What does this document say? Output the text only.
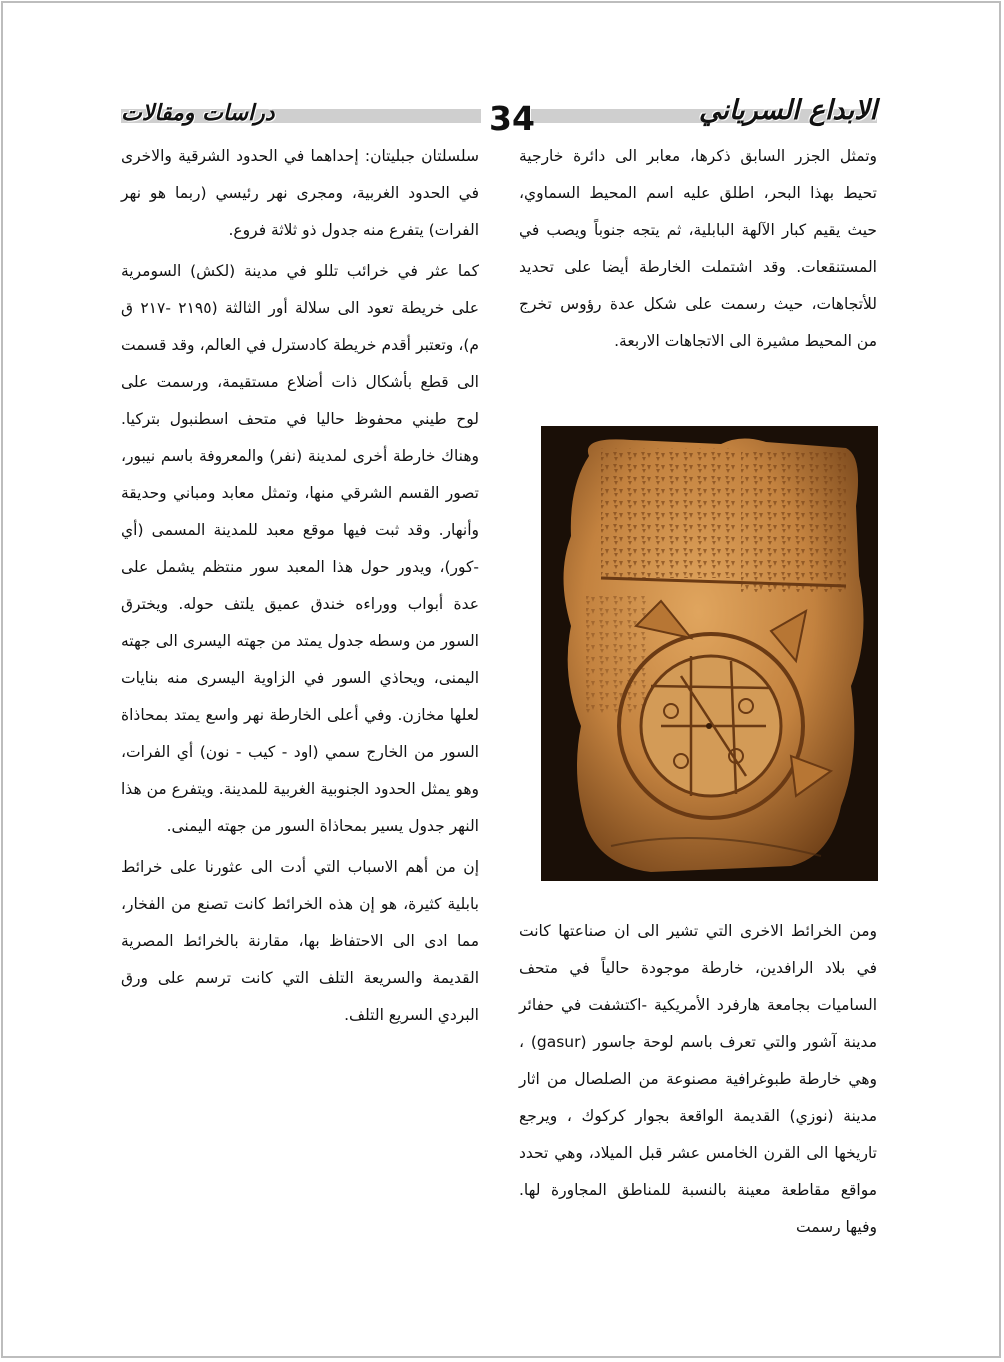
الابداع السرياني
34
دراسات ومقالات

وتمثل الجزر السابق ذكرها، معابر الى دائرة خارجية تحيط بهذا البحر، اطلق عليه اسم المحيط السماوي، حيث يقيم كبار الآلهة البابلية، ثم يتجه جنوباً ويصب في المستنقعات. وقد اشتملت الخارطة أيضا على تحديد للأتجاهات، حيث رسمت على شكل عدة رؤوس تخرج من المحيط مشيرة الى الاتجاهات الاربعة.

ومن الخرائط الاخرى التي تشير الى ان صناعتها كانت في بلاد الرافدين، خارطة موجودة حالياً في متحف الساميات بجامعة هارفرد الأمريكية -اكتشفت في حفائر مدينة آشور والتي تعرف باسم لوحة جاسور (gasur) ، وهي خارطة طبوغرافية مصنوعة من الصلصال من اثار مدينة (نوزي) القديمة الواقعة بجوار كركوك ، ويرجع تاريخها الى القرن الخامس عشر قبل الميلاد، وهي تحدد مواقع مقاطعة معينة بالنسبة للمناطق المجاورة لها. وفيها رسمت

سلسلتان جبليتان: إحداهما في الحدود الشرقية والاخرى في الحدود الغربية، ومجرى نهر رئيسي (ربما هو نهر الفرات) يتفرع منه جدول ذو ثلاثة فروع.

كما عثر في خرائب تللو في مدينة (لكش) السومرية على خريطة تعود الى سلالة أور الثالثة (٢١٩٥ -٢١٧ ق م)، وتعتبر أقدم خريطة كادسترل في العالم، وقد قسمت الى قطع بأشكال ذات أضلاع مستقيمة، ورسمت على لوح طيني محفوظ حاليا في متحف اسطنبول بتركيا. وهناك خارطة أخرى لمدينة (نفر) والمعروفة باسم نيبور، تصور القسم الشرقي منها، وتمثل معابد ومباني وحديقة وأنهار. وقد ثبت فيها موقع معبد للمدينة المسمى (أي -كور)، ويدور حول هذا المعبد سور منتظم يشمل على عدة أبواب ووراءه خندق عميق يلتف حوله. ويخترق السور من وسطه جدول يمتد من جهته اليسرى الى جهته اليمنى، ويحاذي السور في الزاوية اليسرى منه بنايات لعلها مخازن. وفي أعلى الخارطة نهر واسع يمتد بمحاذاة السور من الخارج سمي (اود - كيب - نون) أي الفرات، وهو يمثل الحدود الجنوبية الغربية للمدينة. ويتفرع من هذا النهر جدول يسير بمحاذاة السور من جهته اليمنى.

إن من أهم الاسباب التي أدت الى عثورنا على خرائط بابلية كثيرة، هو إن هذه الخرائط كانت تصنع من الفخار، مما ادى الى الاحتفاظ بها، مقارنة بالخرائط المصرية القديمة والسريعة التلف التي كانت ترسم على ورق البردي السريع التلف.
